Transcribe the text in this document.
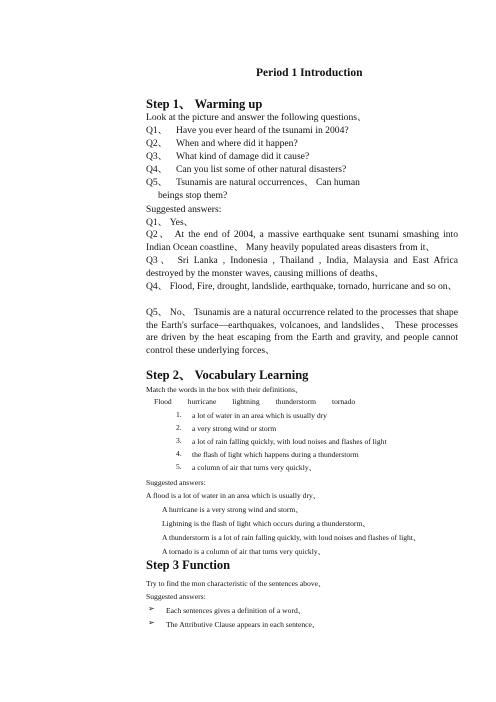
Period 1 Introduction
Step 1、 Warming up
Look at the picture and answer the following questions、
Q1、 Have you ever heard of the tsunami in 2004?
Q2、 When and where did it happen?
Q3、 What kind of damage did it cause?
Q4、 Can you list some of other natural disasters?
Q5、 Tsunamis are natural occurrences、 Can human
beings stop them?
Suggested answers:
Q1、 Yes、
Q2、 At the end of 2004, a massive earthquake sent tsunami smashing into Indian Ocean coastline、 Many heavily populated areas disasters from it、
Q3、 Sri Lanka , Indonesia , Thailand , India, Malaysia and East Africa destroyed by the monster waves, causing millions of deaths、
Q4、 Flood, Fire, drought, landslide, earthquake, tornado, hurricane and so on、
Q5、 No、 Tsunamis are a natural occurrence related to the processes that shape the Earth's surface—earthquakes, volcanoes, and landslides、 These processes are driven by the heat escaping from the Earth and gravity, and people cannot control these underlying forces、
Step 2、 Vocabulary Learning
Match the words in the box with their definitions、
Flood hurricane lightning thunderstorm tornado
1. a lot of water in an area which is usually dry
2. a very strong wind or storm
3. a lot of rain falling quickly, with loud noises and flashes of light
4. the flash of light which happens during a thunderstorm
5. a column of air that turns very quickly、
Suggested answers:
A flood is a lot of water in an area which is usually dry、
A hurricane is a very strong wind and storm、
Lightning is the flash of light which occurs during a thunderstorm、
A thunderstorm is a lot of rain falling quickly, with loud noises and flashes of light、
A tornado is a column of air that turns very quickly、
Step 3 Function
Try to find the mon characteristic of the sentences above、
Suggested answers:
➢ Each sentences gives a definition of a word、
➢ The Attributive Clause appears in each sentence、
